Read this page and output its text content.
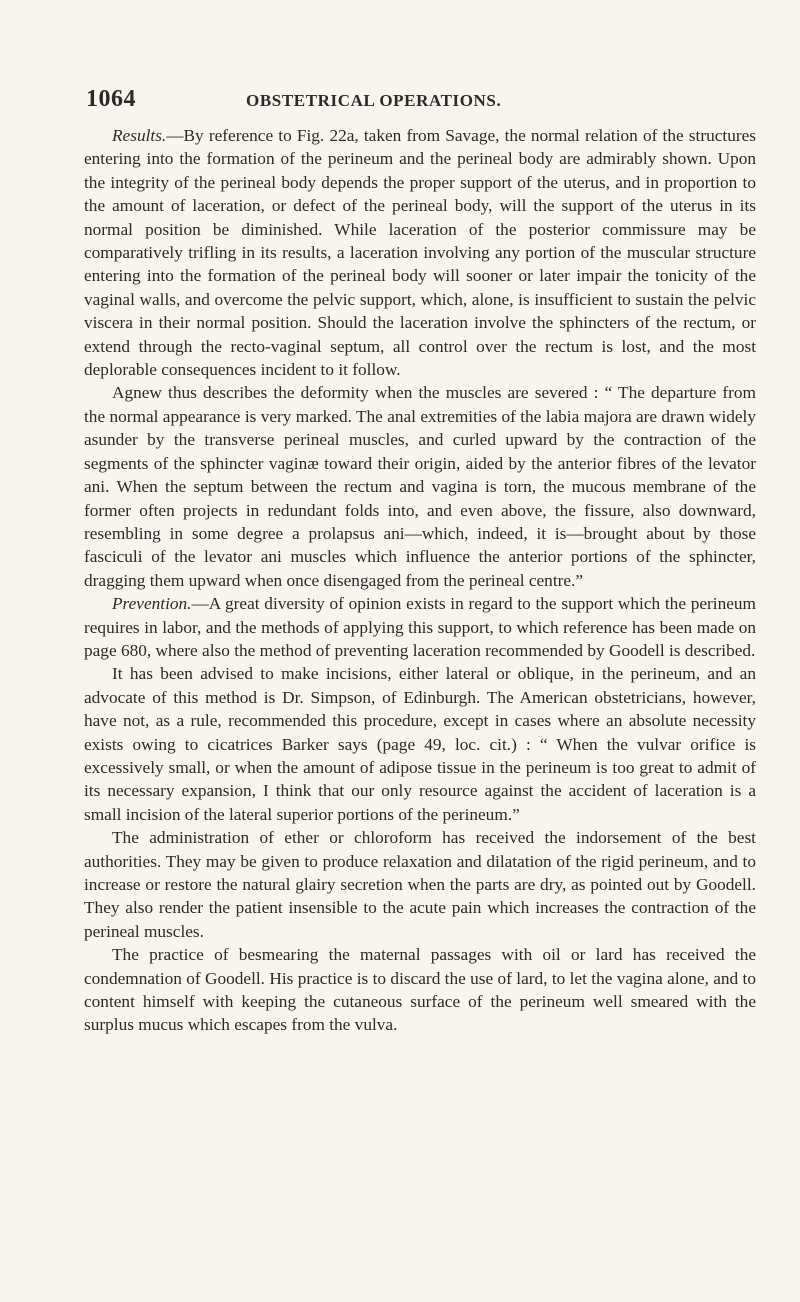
1064	OBSTETRICAL OPERATIONS.

Results.—By reference to Fig. 22a, taken from Savage, the normal relation of the structures entering into the formation of the perineum and the perineal body are admirably shown. Upon the integrity of the perineal body depends the proper support of the uterus, and in proportion to the amount of laceration, or defect of the perineal body, will the support of the uterus in its normal position be diminished. While laceration of the posterior commissure may be comparatively trifling in its results, a laceration involving any portion of the muscular structure entering into the formation of the perineal body will sooner or later impair the tonicity of the vaginal walls, and overcome the pelvic support, which, alone, is insufficient to sustain the pelvic viscera in their normal position. Should the laceration involve the sphincters of the rectum, or extend through the recto-vaginal septum, all control over the rectum is lost, and the most deplorable consequences incident to it follow.

Agnew thus describes the deformity when the muscles are severed : “ The departure from the normal appearance is very marked. The anal extremities of the labia majora are drawn widely asunder by the transverse perineal muscles, and curled upward by the contraction of the segments of the sphincter vaginæ toward their origin, aided by the anterior fibres of the levator ani. When the septum between the rectum and vagina is torn, the mucous membrane of the former often projects in redundant folds into, and even above, the fissure, also downward, resembling in some degree a prolapsus ani—which, indeed, it is—brought about by those fasciculi of the levator ani muscles which influence the anterior portions of the sphincter, dragging them upward when once disengaged from the perineal centre.”

Prevention.—A great diversity of opinion exists in regard to the support which the perineum requires in labor, and the methods of applying this support, to which reference has been made on page 680, where also the method of preventing laceration recommended by Goodell is described.

It has been advised to make incisions, either lateral or oblique, in the perineum, and an advocate of this method is Dr. Simpson, of Edinburgh. The American obstetricians, however, have not, as a rule, recommended this procedure, except in cases where an absolute necessity exists owing to cicatrices Barker says (page 49, loc. cit.) : “ When the vulvar orifice is excessively small, or when the amount of adipose tissue in the perineum is too great to admit of its necessary expansion, I think that our only resource against the accident of laceration is a small incision of the lateral superior portions of the perineum.”

The administration of ether or chloroform has received the indorsement of the best authorities. They may be given to produce relaxation and dilatation of the rigid perineum, and to increase or restore the natural glairy secretion when the parts are dry, as pointed out by Goodell. They also render the patient insensible to the acute pain which increases the contraction of the perineal muscles.

The practice of besmearing the maternal passages with oil or lard has received the condemnation of Goodell. His practice is to discard the use of lard, to let the vagina alone, and to content himself with keeping the cutaneous surface of the perineum well smeared with the surplus mucus which escapes from the vulva.
